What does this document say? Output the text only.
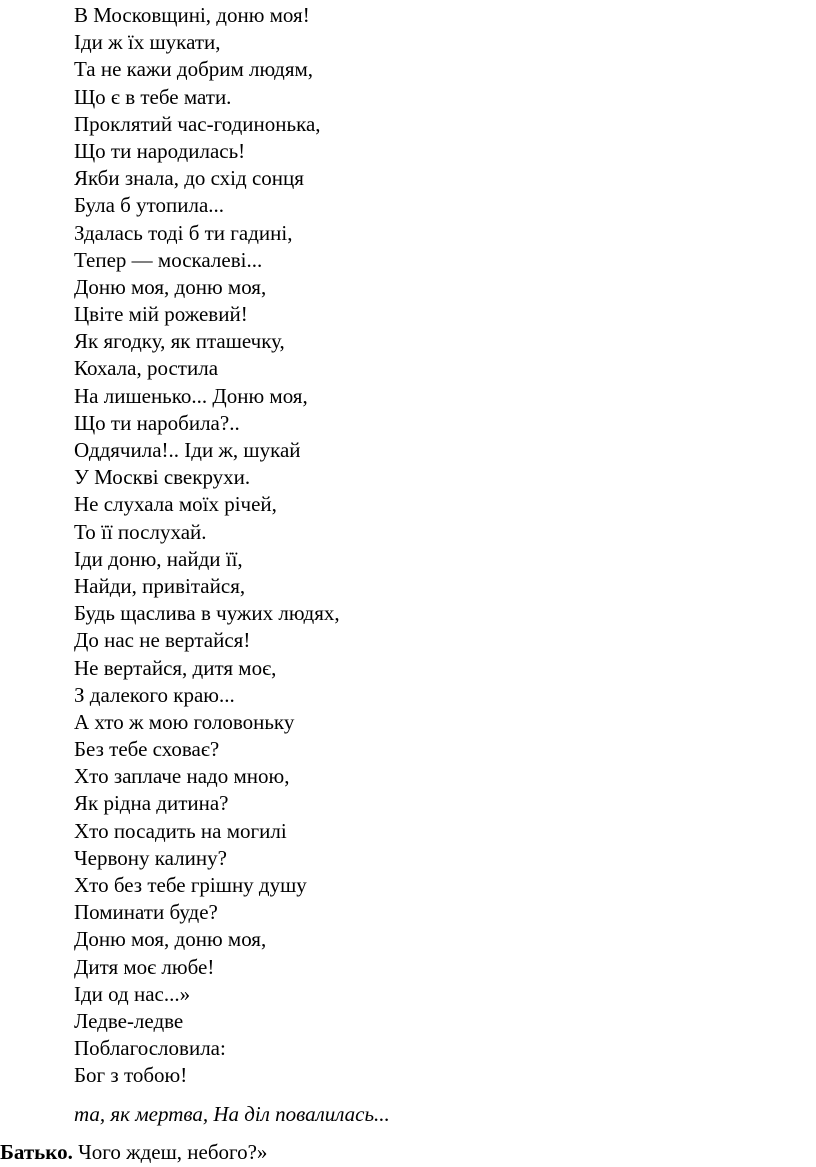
В Московщині, доню моя!
Іди ж їх шукати,
Та не кажи добрим людям,
Що є в тебе мати.
Проклятий час-годинонька,
Що ти народилась!
Якби знала, до схід сонця
Була б утопила...
Здалась тоді б ти гадині,
Тепер — москалеві...
Доню моя, доню моя,
Цвіте мій рожевий!
Як ягодку, як пташечку,
Кохала, ростила
На лишенько... Доню моя,
Що ти наробила?..
Оддячила!.. Іди ж, шукай
У Москві свекрухи.
Не слухала моїх річей,
То її послухай.
Іди доню, найди її,
Найди, привітайся,
Будь щаслива в чужих людях,
До нас не вертайся!
Не вертайся, дитя моє,
З далекого краю...
А хто ж мою головоньку
Без тебе сховає?
Хто заплаче надо мною,
Як рідна дитина?
Хто посадить на могилі
Червону калину?
Хто без тебе грішну душу
Поминати буде?
Доню моя, доню моя,
Дитя моє любе!
Іди од нас...»
Ледве-ледве
Поблагословила:
Бог з тобою!
та, як мертва, На діл повалилась...
Батько. Чого ждеш, небого?»
